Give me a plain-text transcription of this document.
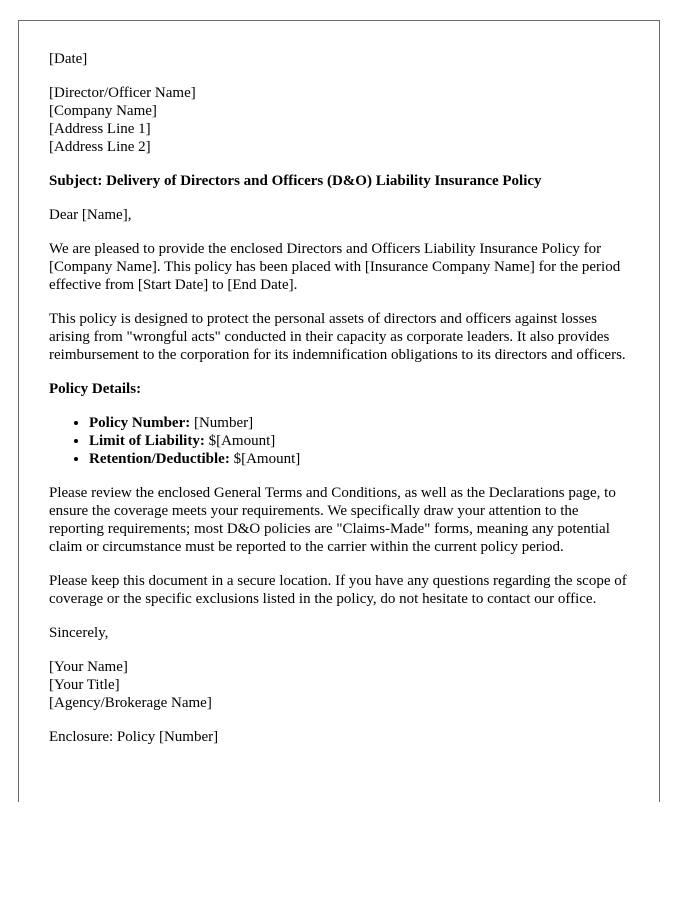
[Date]

[Director/Officer Name]

[Company Name]

[Address Line 1]

[Address Line 2]

Subject: Delivery of Directors and Officers (D&O) Liability Insurance Policy

Dear [Name],

We are pleased to provide the enclosed Directors and Officers Liability Insurance Policy for [Company Name]. This policy has been placed with [Insurance Company Name] for the period effective from [Start Date] to [End Date].

This policy is designed to protect the personal assets of directors and officers against losses arising from "wrongful acts" conducted in their capacity as corporate leaders. It also provides reimbursement to the corporation for its indemnification obligations to its directors and officers.

Policy Details:

• Policy Number: [Number]
• Limit of Liability: $[Amount]
• Retention/Deductible: $[Amount]

Please review the enclosed General Terms and Conditions, as well as the Declarations page, to ensure the coverage meets your requirements. We specifically draw your attention to the reporting requirements; most D&O policies are "Claims-Made" forms, meaning any potential claim or circumstance must be reported to the carrier within the current policy period.

Please keep this document in a secure location. If you have any questions regarding the scope of coverage or the specific exclusions listed in the policy, do not hesitate to contact our office.

Sincerely,

[Your Name]

[Your Title]

[Agency/Brokerage Name]

Enclosure: Policy [Number]
